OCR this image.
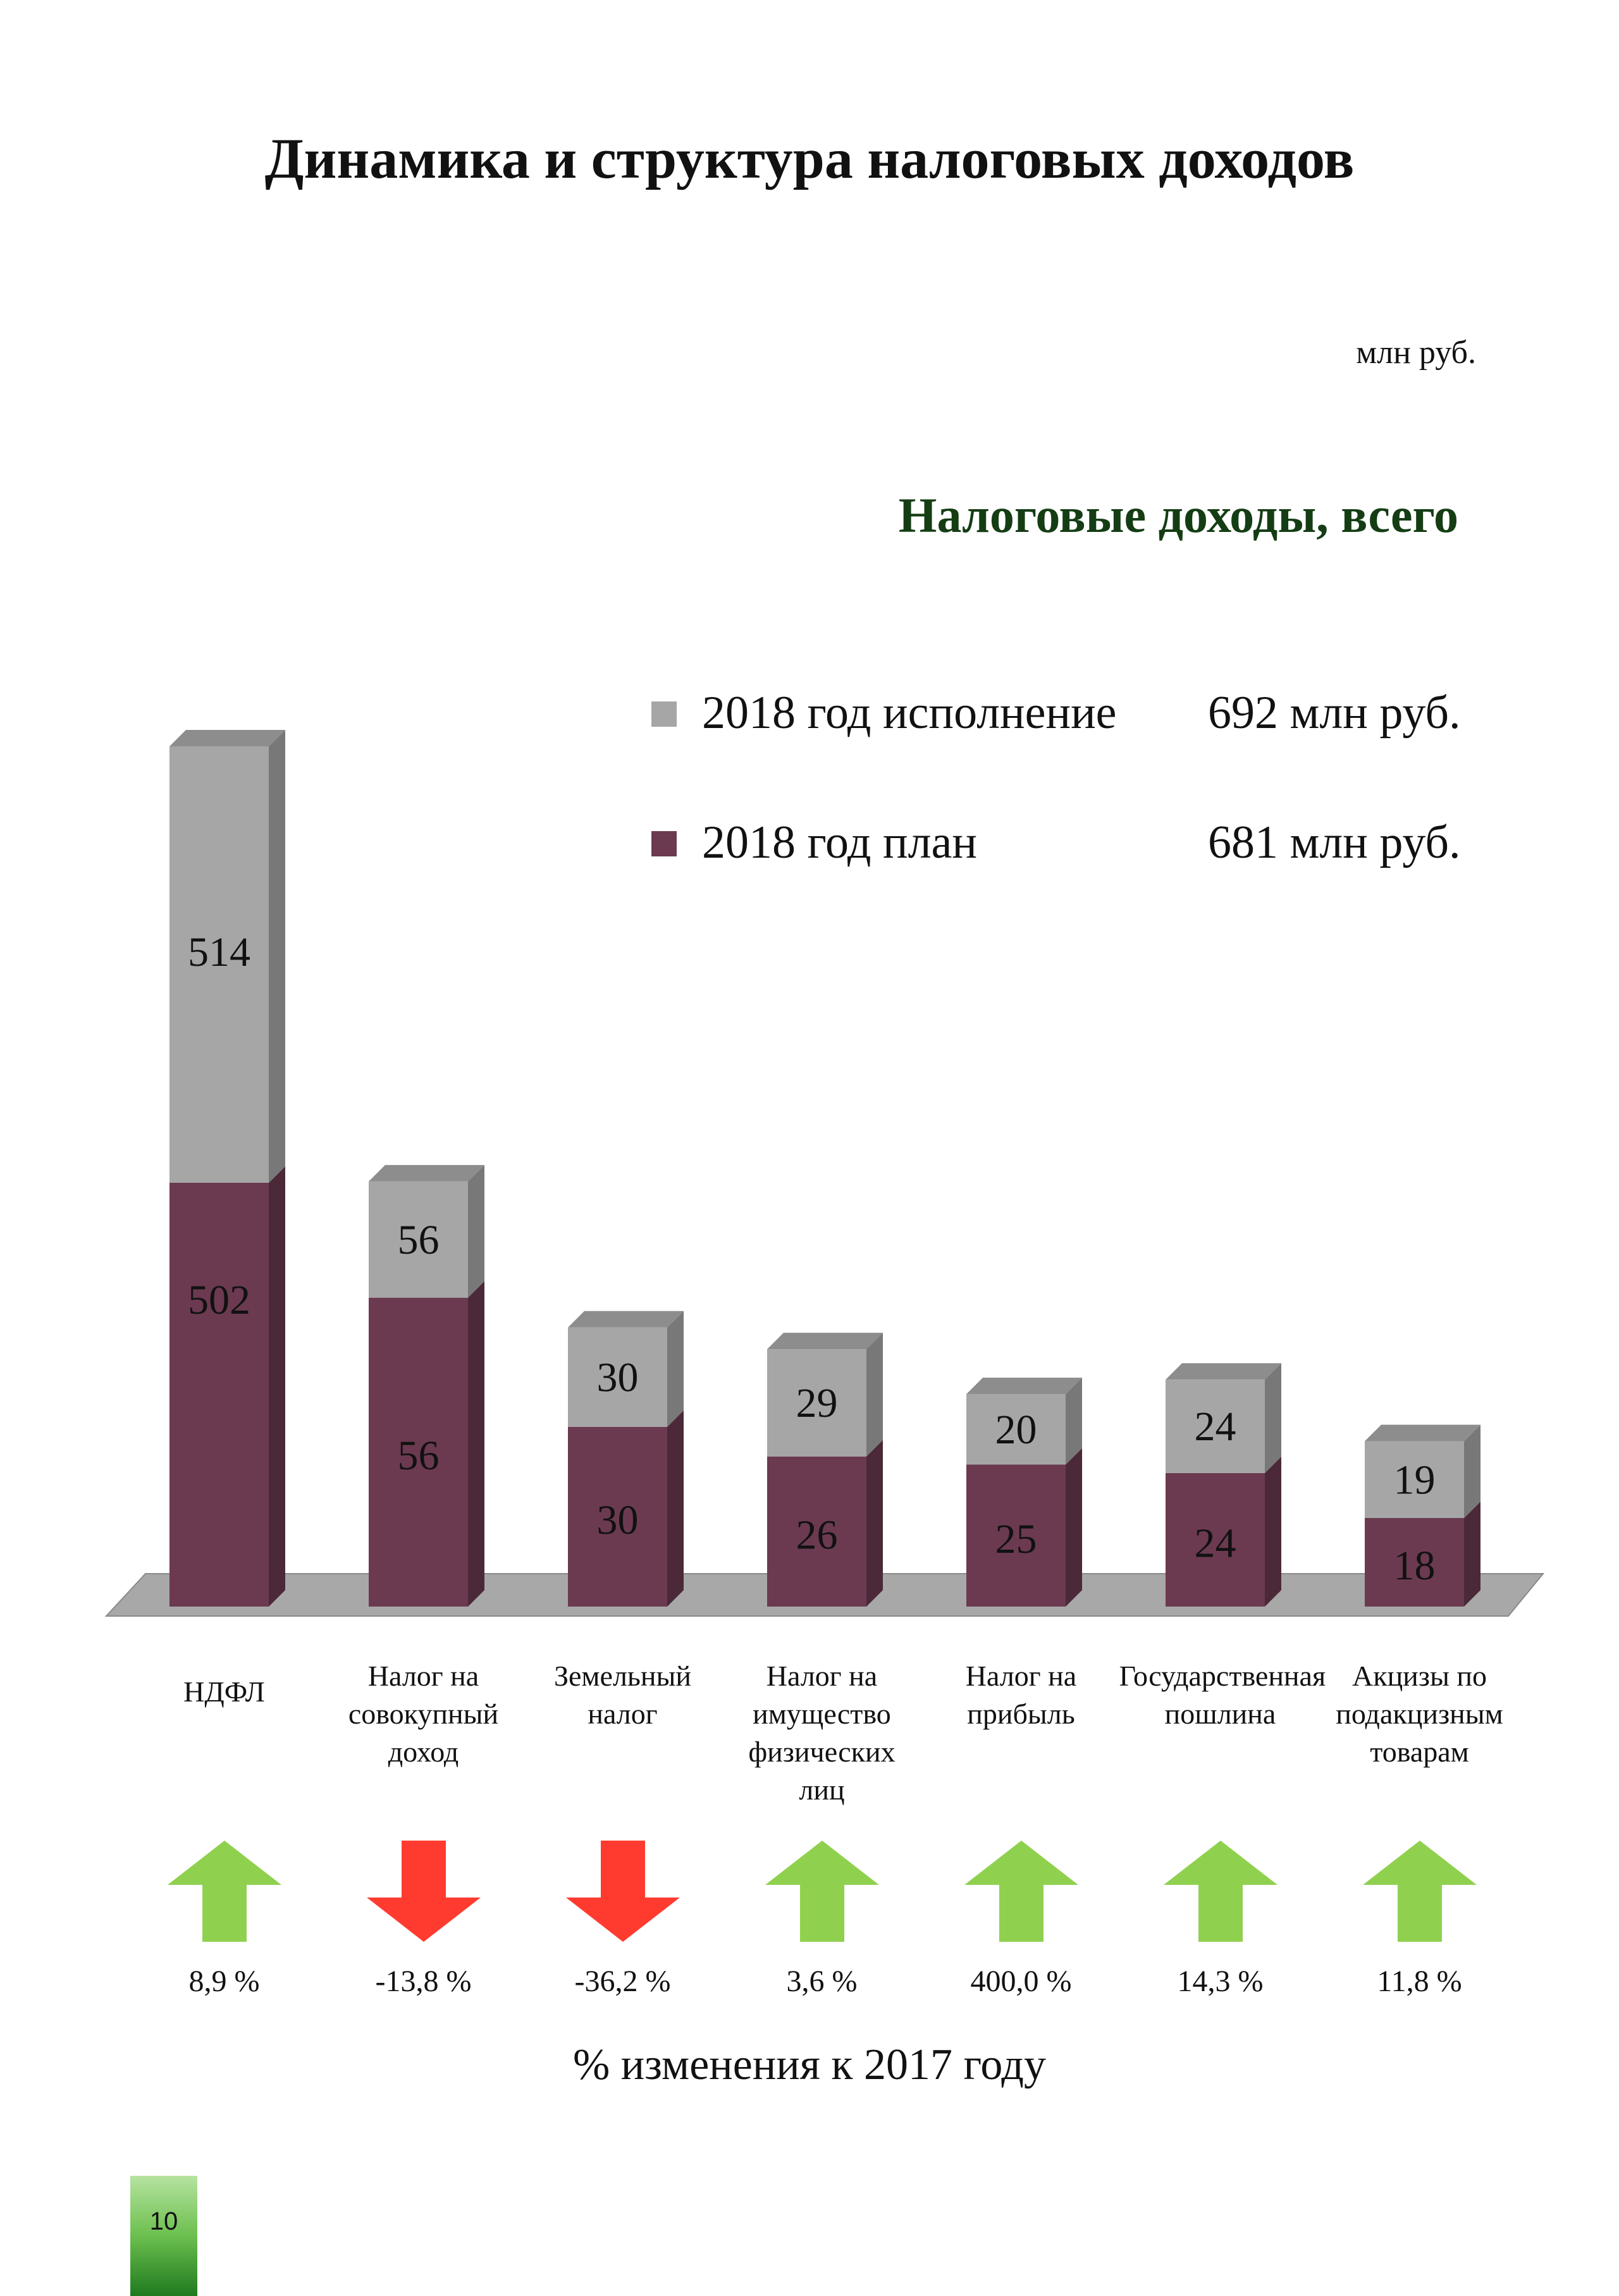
Динамика и структура налоговых доходов
млн руб.
Налоговые доходы, всего
2018 год исполнение 692 млн руб.
2018 год план	681 млн руб.
502
514
56
56
30
30
26
29
25
20
24
24
18
19
НДФЛ	Налог на
совокупный
доход
Земельный
налог
Налог на
имущество
физических
лиц
Налог на
прибыль
Государственная
пошлина
Акцизы по
подакцизным
товарам
8,9 %	-13,8 %	-36,2 %	3,6 %	400,0 %	14,3 %	11,8 %
% изменения к 2017 году
10
